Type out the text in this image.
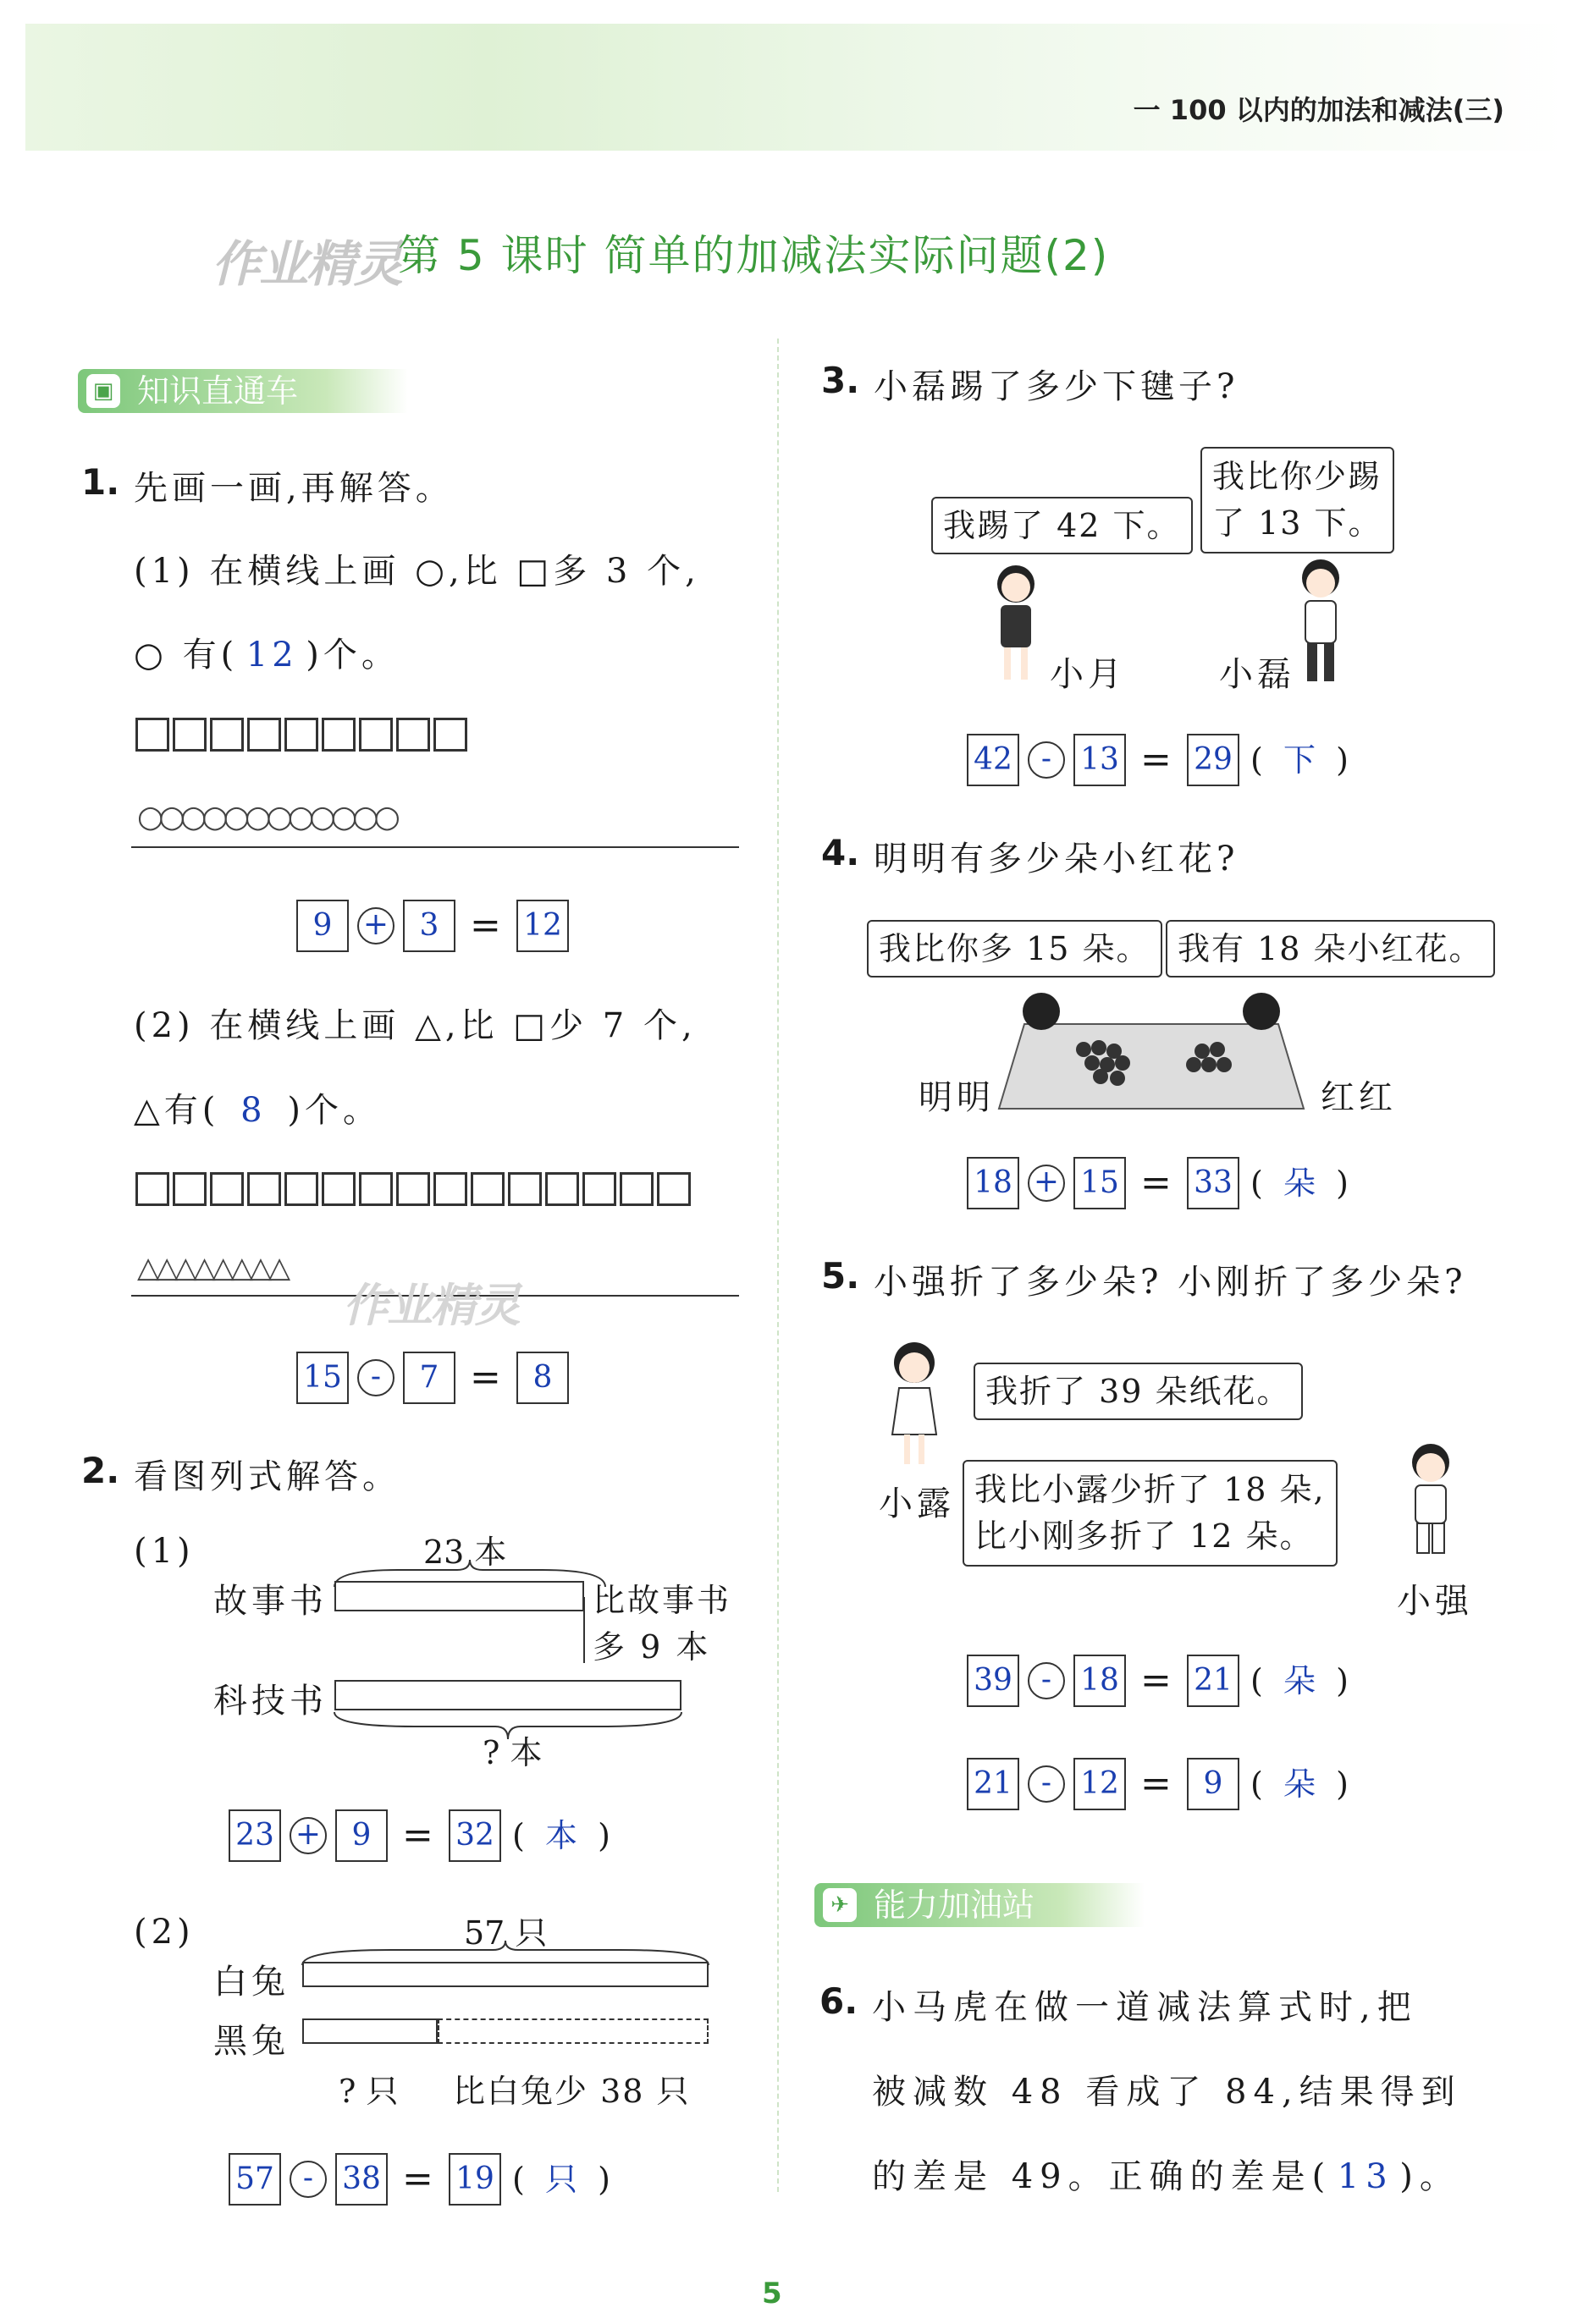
一 100 以内的加法和减法(三)
作业精灵
第 5 课时 简单的加减法实际问题(2)
▣ 知识直通车
1. 先画一画,再解答。
(1) 在横线上画 ○,比 □多 3 个,
○ 有( 12 )个。
○○○○○○○○○○○○
9	+	3 = 12
(2) 在横线上画 △,比 □少 7 个,
△有( 8 )个。
△△△△△△△△
作业精灵
15 -	7 =	8
2. 看图列式解答。
(1)	23 本
故事书	比故事书
多 9 本
科技书
? 本
23 +	9 = 32 (  本  )
(2)	57 只
白兔
黑兔
? 只 比白兔少 38 只
57 - 38 = 19 (  只  )
3. 小磊踢了多少下毽子?
我踢了 42 下。
我比你少踢
了 13 下。
小月	小磊
42 - 13 = 29 (  下  )
4. 明明有多少朵小红花?
我比你多 15 朵。 我有 18 朵小红花。
明明	红红
18 + 15 = 33 (  朵  )
5. 小强折了多少朵? 小刚折了多少朵?
我折了 39 朵纸花。
小露 我比小露少折了 18 朵,
比小刚多折了 12 朵。
小强
39 - 18 = 21 (  朵  )
21 - 12 =	9 (  朵  )
✈ 能力加油站
6. 小马虎在做一道减法算式时,把
被减数 48 看成了 84,结果得到
的差是 49。正确的差是( 13 )。
5
